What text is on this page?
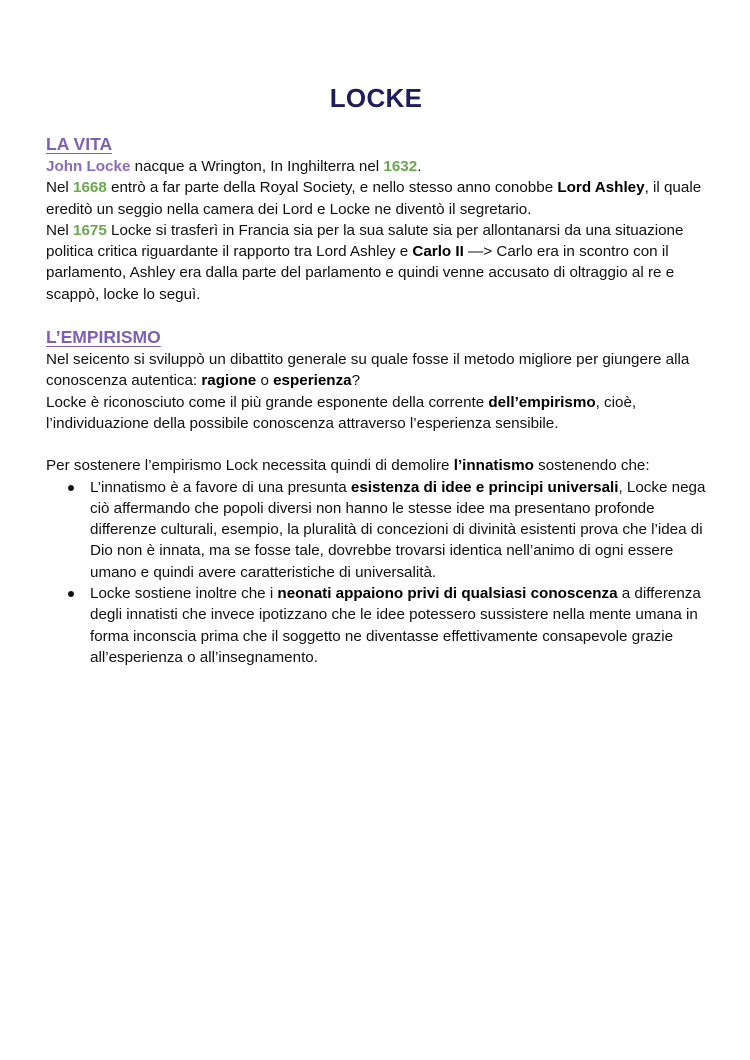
LOCKE
LA VITA

John Locke nacque a Wrington, In Inghilterra nel 1632.

Nel 1668 entrò a far parte della Royal Society, e nello stesso anno conobbe Lord Ashley, il quale ereditò un seggio nella camera dei Lord e Locke ne diventò il segretario.

Nel 1675 Locke si trasferì in Francia sia per la sua salute sia per allontanarsi da una situazione politica critica riguardante il rapporto tra Lord Ashley e Carlo II —> Carlo era in scontro con il parlamento, Ashley era dalla parte del parlamento e quindi venne accusato di oltraggio al re e scappò, locke lo seguì.

L’EMPIRISMO

Nel seicento si sviluppò un dibattito generale su quale fosse il metodo migliore per giungere alla conoscenza autentica: ragione o esperienza?

Locke è riconosciuto come il più grande esponente della corrente dell’empirismo, cioè, l’individuazione della possibile conoscenza attraverso l’esperienza sensibile.

Per sostenere l’empirismo Lock necessita quindi di demolire l’innatismo sostenendo che:

L’innatismo è a favore di una presunta esistenza di idee e principi universali, Locke nega ciò affermando che popoli diversi non hanno le stesse idee ma presentano profonde differenze culturali, esempio, la pluralità di concezioni di divinità esistenti prova che l’idea di Dio non è innata, ma se fosse tale, dovrebbe trovarsi identica nell’animo di ogni essere umano e quindi avere caratteristiche di universalità.
Locke sostiene inoltre che i neonati appaiono privi di qualsiasi conoscenza a differenza degli innatisti che invece ipotizzano che le idee potessero sussistere nella mente umana in forma inconscia prima che il soggetto ne diventasse effettivamente consapevole grazie all’esperienza o all’insegnamento.
